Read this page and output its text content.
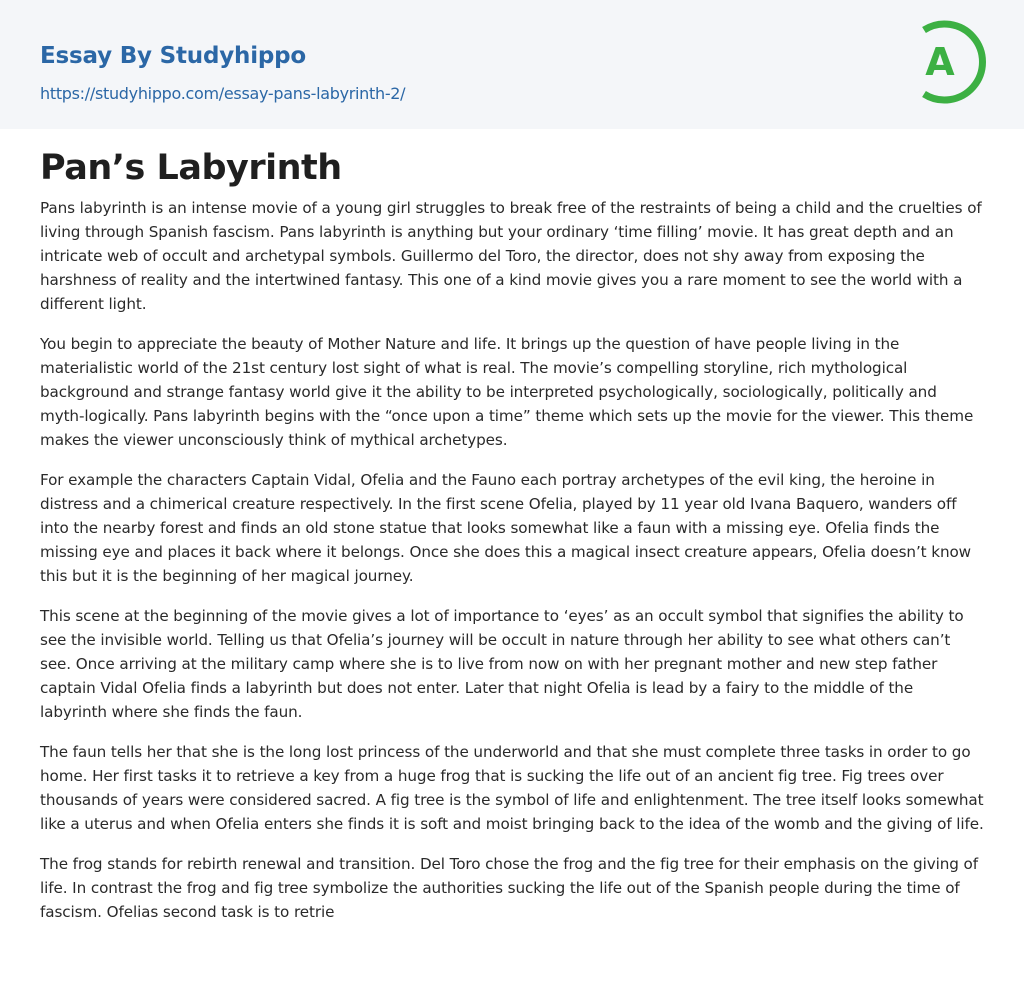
Essay By Studyhippo
https://studyhippo.com/essay-pans-labyrinth-2/
A
Pan’s Labyrinth

Pans labyrinth is an intense movie of a young girl struggles to break free of the restraints of being a child and the cruelties of living through Spanish fascism. Pans labyrinth is anything but your ordinary ‘time filling’ movie. It has great depth and an intricate web of occult and archetypal symbols. Guillermo del Toro, the director, does not shy away from exposing the harshness of reality and the intertwined fantasy. This one of a kind movie gives you a rare moment to see the world with a different light.

You begin to appreciate the beauty of Mother Nature and life. It brings up the question of have people living in the materialistic world of the 21st century lost sight of what is real. The movie’s compelling storyline, rich mythological background and strange fantasy world give it the ability to be interpreted psychologically, sociologically, politically and myth-logically. Pans labyrinth begins with the “once upon a time” theme which sets up the movie for the viewer. This theme makes the viewer unconsciously think of mythical archetypes.

For example the characters Captain Vidal, Ofelia and the Fauno each portray archetypes of the evil king, the heroine in distress and a chimerical creature respectively. In the first scene Ofelia, played by 11 year old Ivana Baquero, wanders off into the nearby forest and finds an old stone statue that looks somewhat like a faun with a missing eye. Ofelia finds the missing eye and places it back where it belongs. Once she does this a magical insect creature appears, Ofelia doesn’t know this but it is the beginning of her magical journey.

This scene at the beginning of the movie gives a lot of importance to ‘eyes’ as an occult symbol that signifies the ability to see the invisible world. Telling us that Ofelia’s journey will be occult in nature through her ability to see what others can’t see. Once arriving at the military camp where she is to live from now on with her pregnant mother and new step father captain Vidal Ofelia finds a labyrinth but does not enter. Later that night Ofelia is lead by a fairy to the middle of the labyrinth where she finds the faun.

The faun tells her that she is the long lost princess of the underworld and that she must complete three tasks in order to go home. Her first tasks it to retrieve a key from a huge frog that is sucking the life out of an ancient fig tree. Fig trees over thousands of years were considered sacred. A fig tree is the symbol of life and enlightenment. The tree itself looks somewhat like a uterus and when Ofelia enters she finds it is soft and moist bringing back to the idea of the womb and the giving of life.

The frog stands for rebirth renewal and transition. Del Toro chose the frog and the fig tree for their emphasis on the giving of life. In contrast the frog and fig tree symbolize the authorities sucking the life out of the Spanish people during the time of fascism. Ofelias second task is to retrie
